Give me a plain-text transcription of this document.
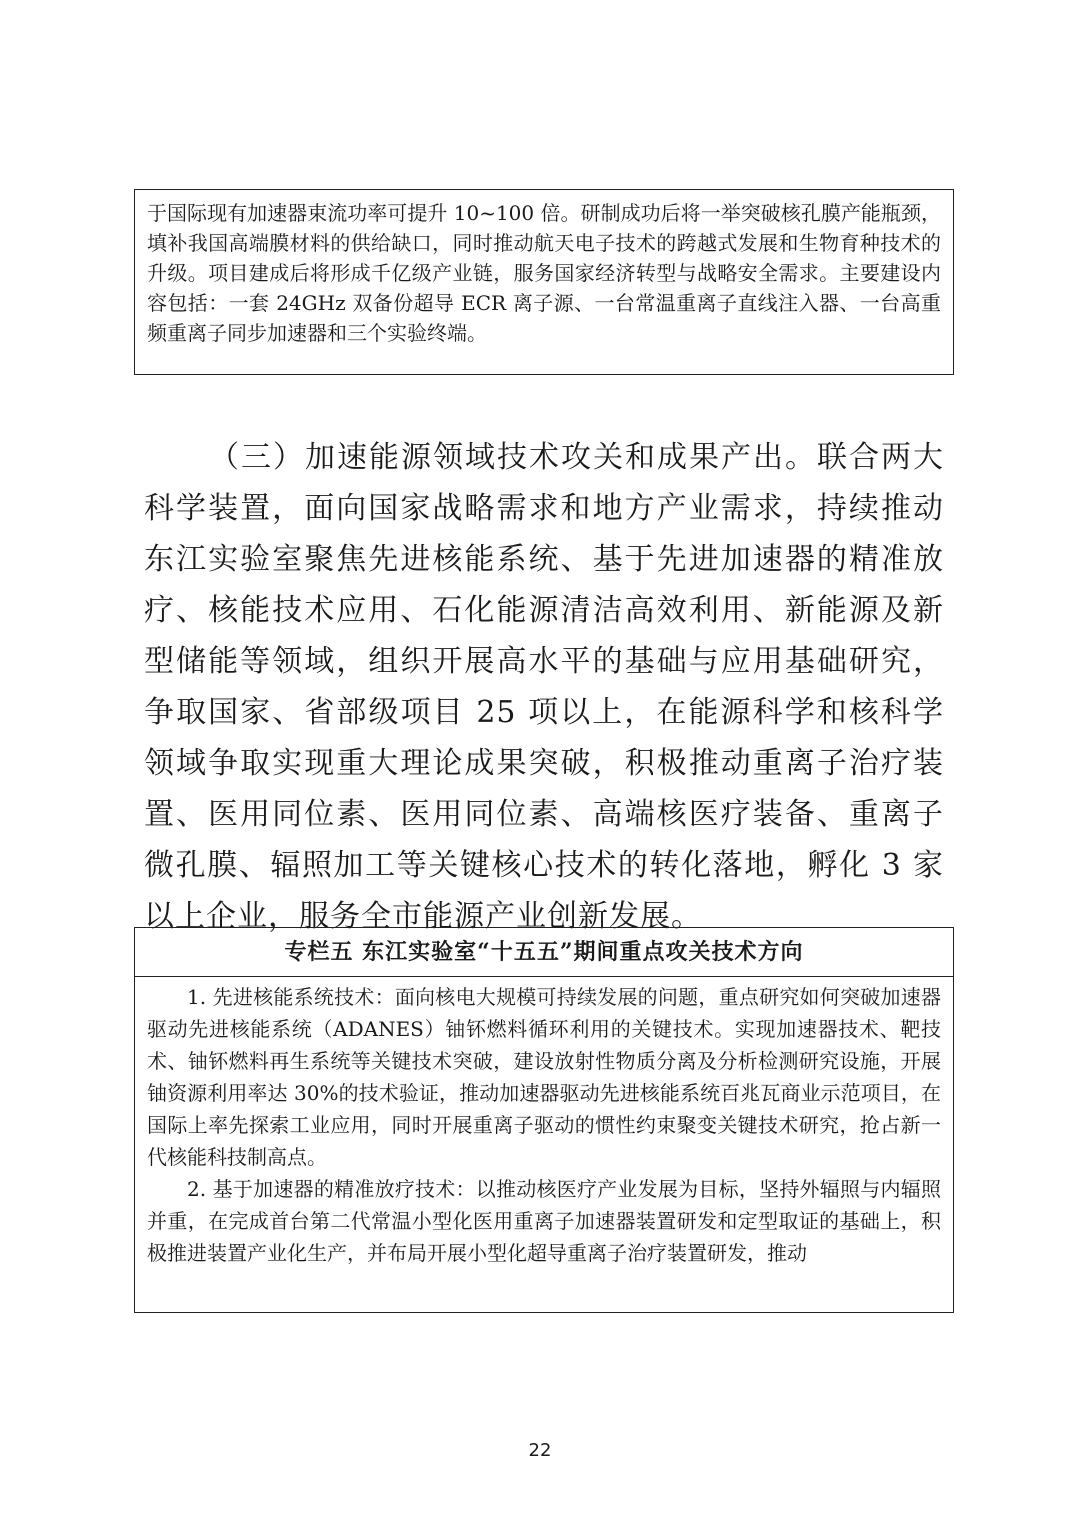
于国际现有加速器束流功率可提升 10~100 倍。研制成功后将一举突破核孔膜产能瓶颈，填补我国高端膜材料的供给缺口，同时推动航天电子技术的跨越式发展和生物育种技术的升级。项目建成后将形成千亿级产业链，服务国家经济转型与战略安全需求。主要建设内容包括：一套 24GHz 双备份超导 ECR 离子源、一台常温重离子直线注入器、一台高重频重离子同步加速器和三个实验终端。

（三）加速能源领域技术攻关和成果产出。联合两大科学装置，面向国家战略需求和地方产业需求，持续推动东江实验室聚焦先进核能系统、基于先进加速器的精准放疗、核能技术应用、石化能源清洁高效利用、新能源及新型储能等领域，组织开展高水平的基础与应用基础研究，争取国家、省部级项目 25 项以上，在能源科学和核科学领域争取实现重大理论成果突破，积极推动重离子治疗装置、医用同位素、医用同位素、高端核医疗装备、重离子微孔膜、辐照加工等关键核心技术的转化落地，孵化 3 家以上企业，服务全市能源产业创新发展。

专栏五 东江实验室“十五五”期间重点攻关技术方向

1. 先进核能系统技术：面向核电大规模可持续发展的问题，重点研究如何突破加速器驱动先进核能系统（ADANES）铀钚燃料循环利用的关键技术。实现加速器技术、靶技术、铀钚燃料再生系统等关键技术突破，建设放射性物质分离及分析检测研究设施，开展铀资源利用率达 30%的技术验证，推动加速器驱动先进核能系统百兆瓦商业示范项目，在国际上率先探索工业应用，同时开展重离子驱动的惯性约束聚变关键技术研究，抢占新一代核能科技制高点。

2. 基于加速器的精准放疗技术：以推动核医疗产业发展为目标，坚持外辐照与内辐照并重，在完成首台第二代常温小型化医用重离子加速器装置研发和定型取证的基础上，积极推进装置产业化生产，并布局开展小型化超导重离子治疗装置研发，推动

22
